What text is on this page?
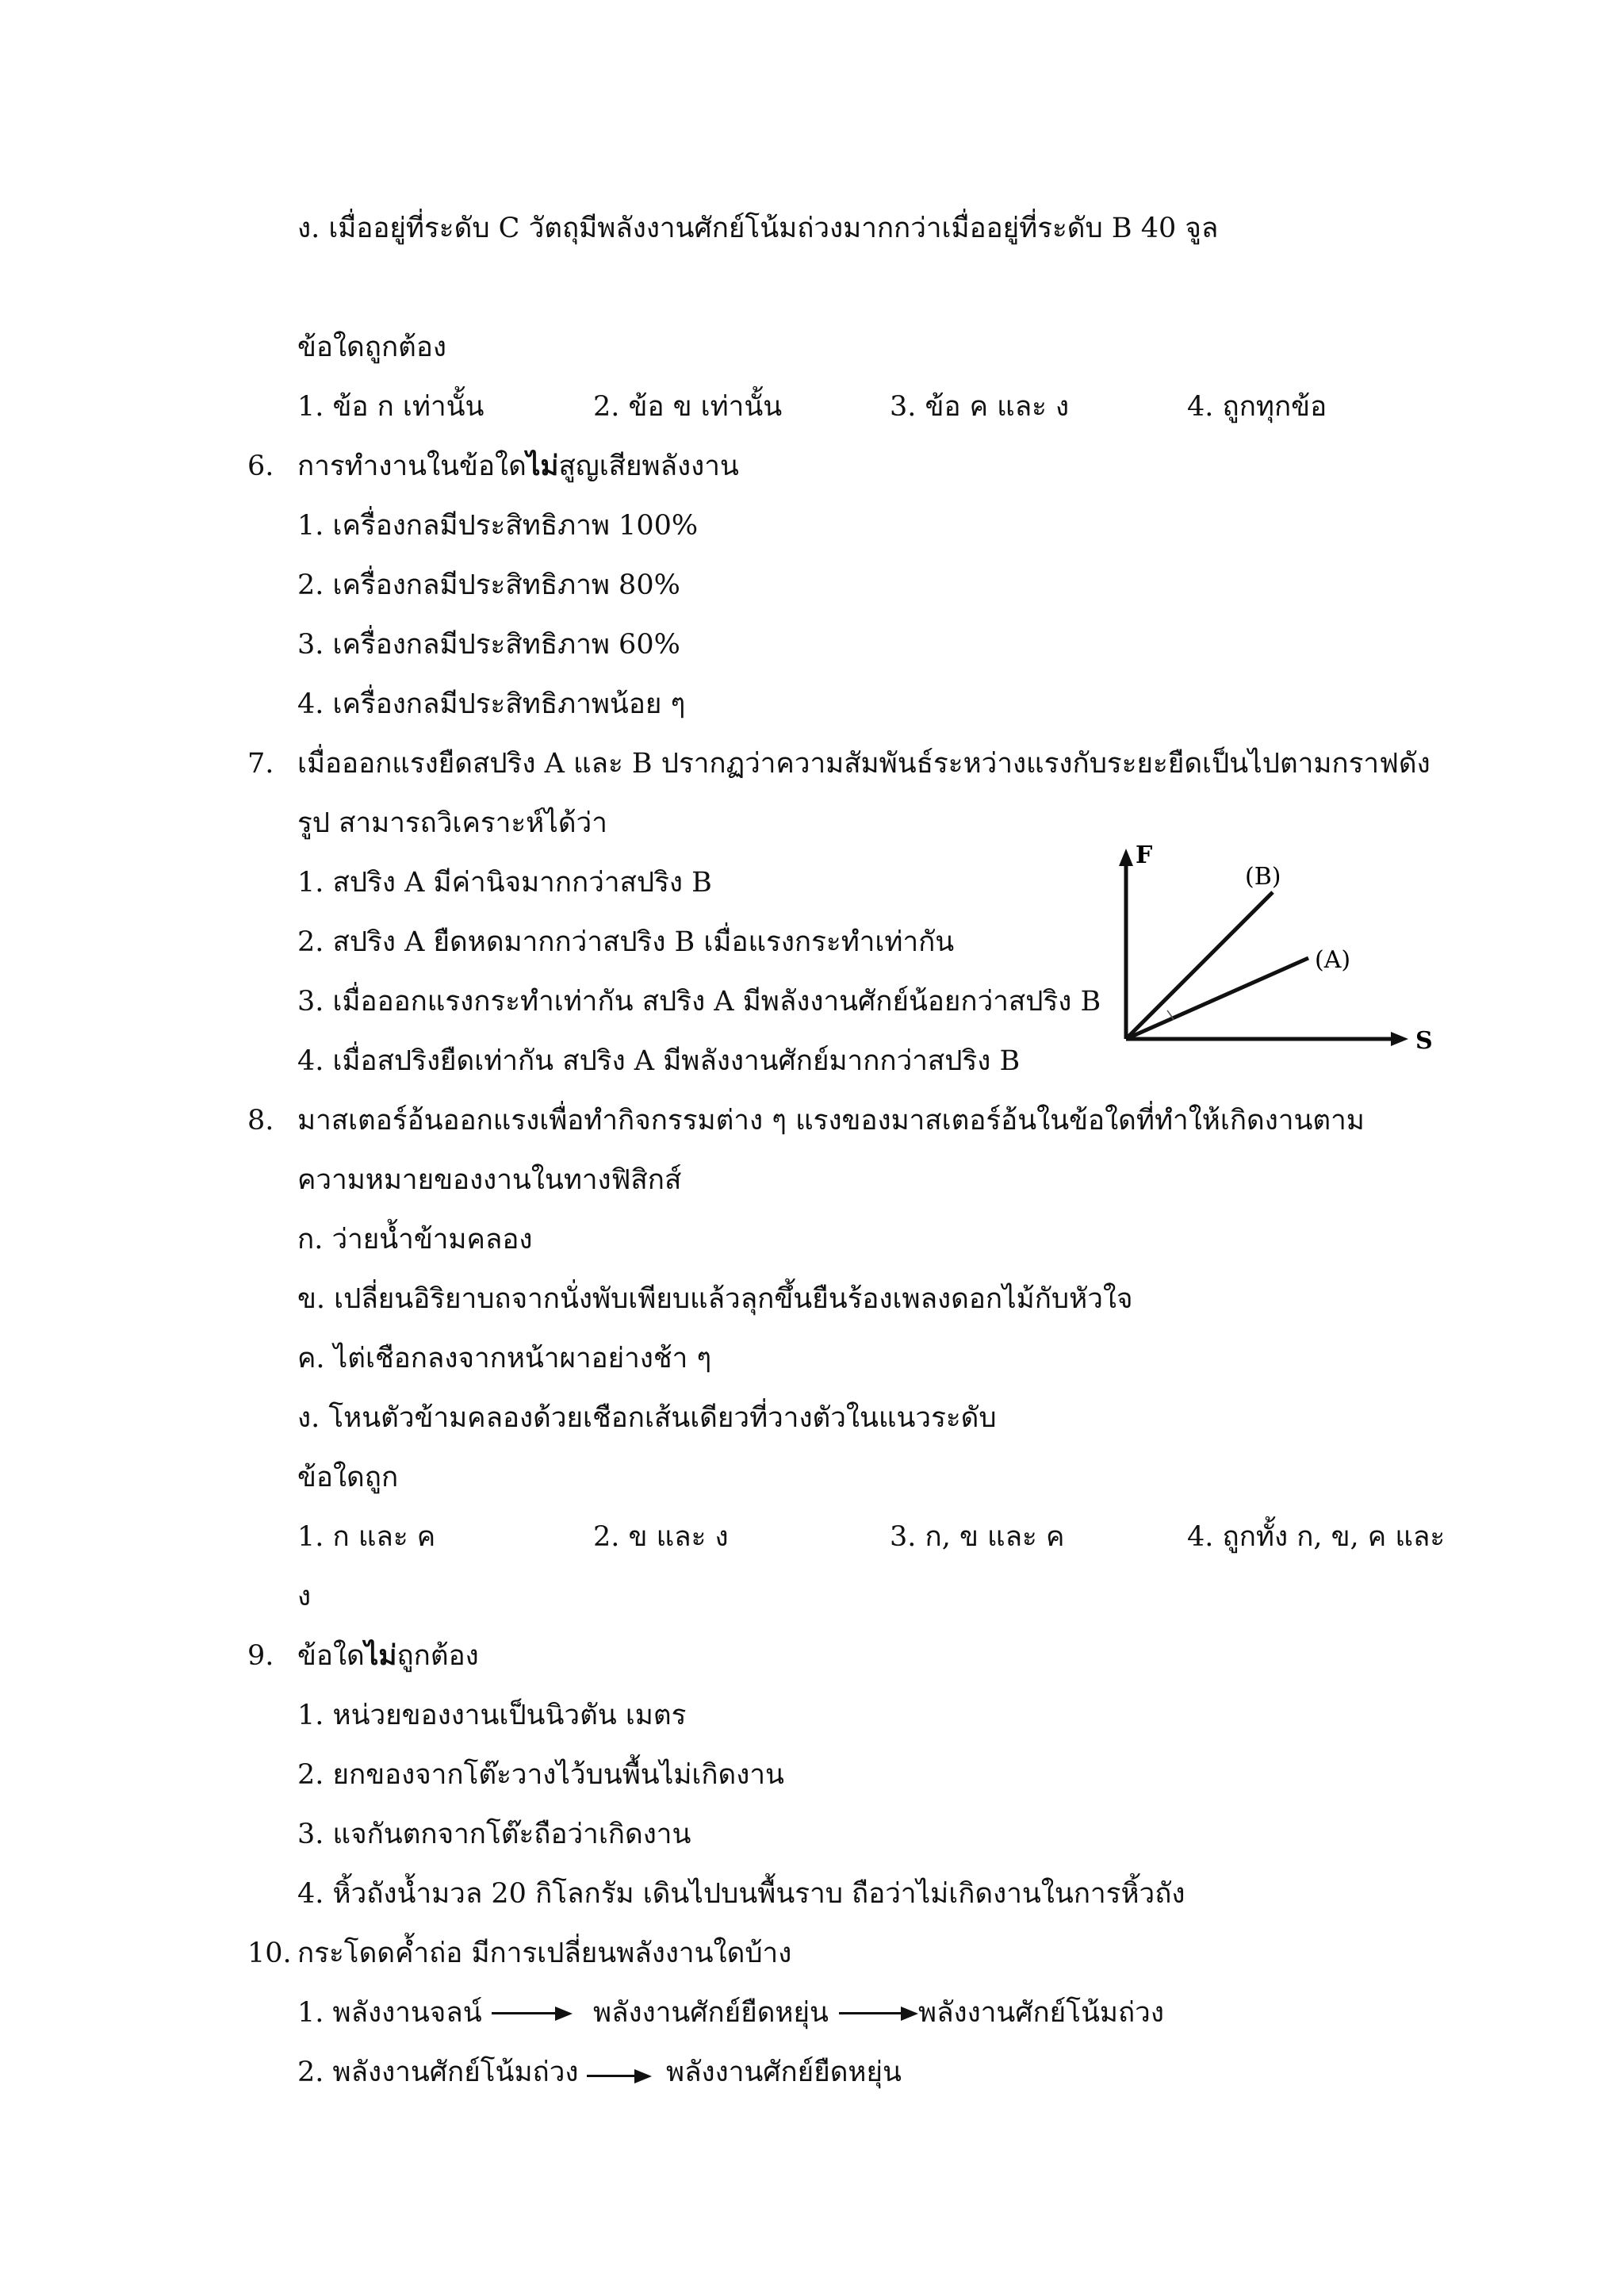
ง. เมื่ออยู่ที่ระดับ C วัตถุมีพลังงานศักย์โน้มถ่วงมากกว่าเมื่ออยู่ที่ระดับ B 40 จูล
ข้อใดถูกต้อง
1. ข้อ ก เท่านั้น	2. ข้อ ข เท่านั้น	3. ข้อ ค และ ง	4. ถูกทุกข้อ
6. การทำงานในข้อใดไม่สูญเสียพลังงาน
1. เครื่องกลมีประสิทธิภาพ 100%
2. เครื่องกลมีประสิทธิภาพ 80%
3. เครื่องกลมีประสิทธิภาพ 60%
4. เครื่องกลมีประสิทธิภาพน้อย ๆ
7. เมื่อออกแรงยืดสปริง A และ B ปรากฏว่าความสัมพันธ์ระหว่างแรงกับระยะยืดเป็นไปตามกราฟดัง
รูป สามารถวิเคราะห์ได้ว่า
1. สปริง A มีค่านิจมากกว่าสปริง B
2. สปริง A ยืดหดมากกว่าสปริง B เมื่อแรงกระทำเท่ากัน
3. เมื่อออกแรงกระทำเท่ากัน สปริง A มีพลังงานศักย์น้อยกว่าสปริง B
4. เมื่อสปริงยืดเท่ากัน สปริง A มีพลังงานศักย์มากกว่าสปริง B
F
S
(B)
(A)
8. มาสเตอร์อ้นออกแรงเพื่อทำกิจกรรมต่าง ๆ แรงของมาสเตอร์อ้นในข้อใดที่ทำให้เกิดงานตาม
ความหมายของงานในทางฟิสิกส์
ก. ว่ายน้ำข้ามคลอง
ข. เปลี่ยนอิริยาบถจากนั่งพับเพียบแล้วลุกขึ้นยืนร้องเพลงดอกไม้กับหัวใจ
ค. ไต่เชือกลงจากหน้าผาอย่างช้า ๆ
ง. โหนตัวข้ามคลองด้วยเชือกเส้นเดียวที่วางตัวในแนวระดับ
ข้อใดถูก
1. ก และ ค	2. ข และ ง	3. ก, ข และ ค	4. ถูกทั้ง ก, ข, ค และ
ง
9. ข้อใดไม่ถูกต้อง
1. หน่วยของงานเป็นนิวตัน เมตร
2. ยกของจากโต๊ะวางไว้บนพื้นไม่เกิดงาน
3. แจกันตกจากโต๊ะถือว่าเกิดงาน
4. หิ้วถังน้ำมวล 20 กิโลกรัม เดินไปบนพื้นราบ ถือว่าไม่เกิดงานในการหิ้วถัง
10. กระโดดค้ำถ่อ มีการเปลี่ยนพลังงานใดบ้าง
1. พลังงานจลน์	พลังงานศักย์ยืดหยุ่น	พลังงานศักย์โน้มถ่วง
2. พลังงานศักย์โน้มถ่วง	พลังงานศักย์ยืดหยุ่น
